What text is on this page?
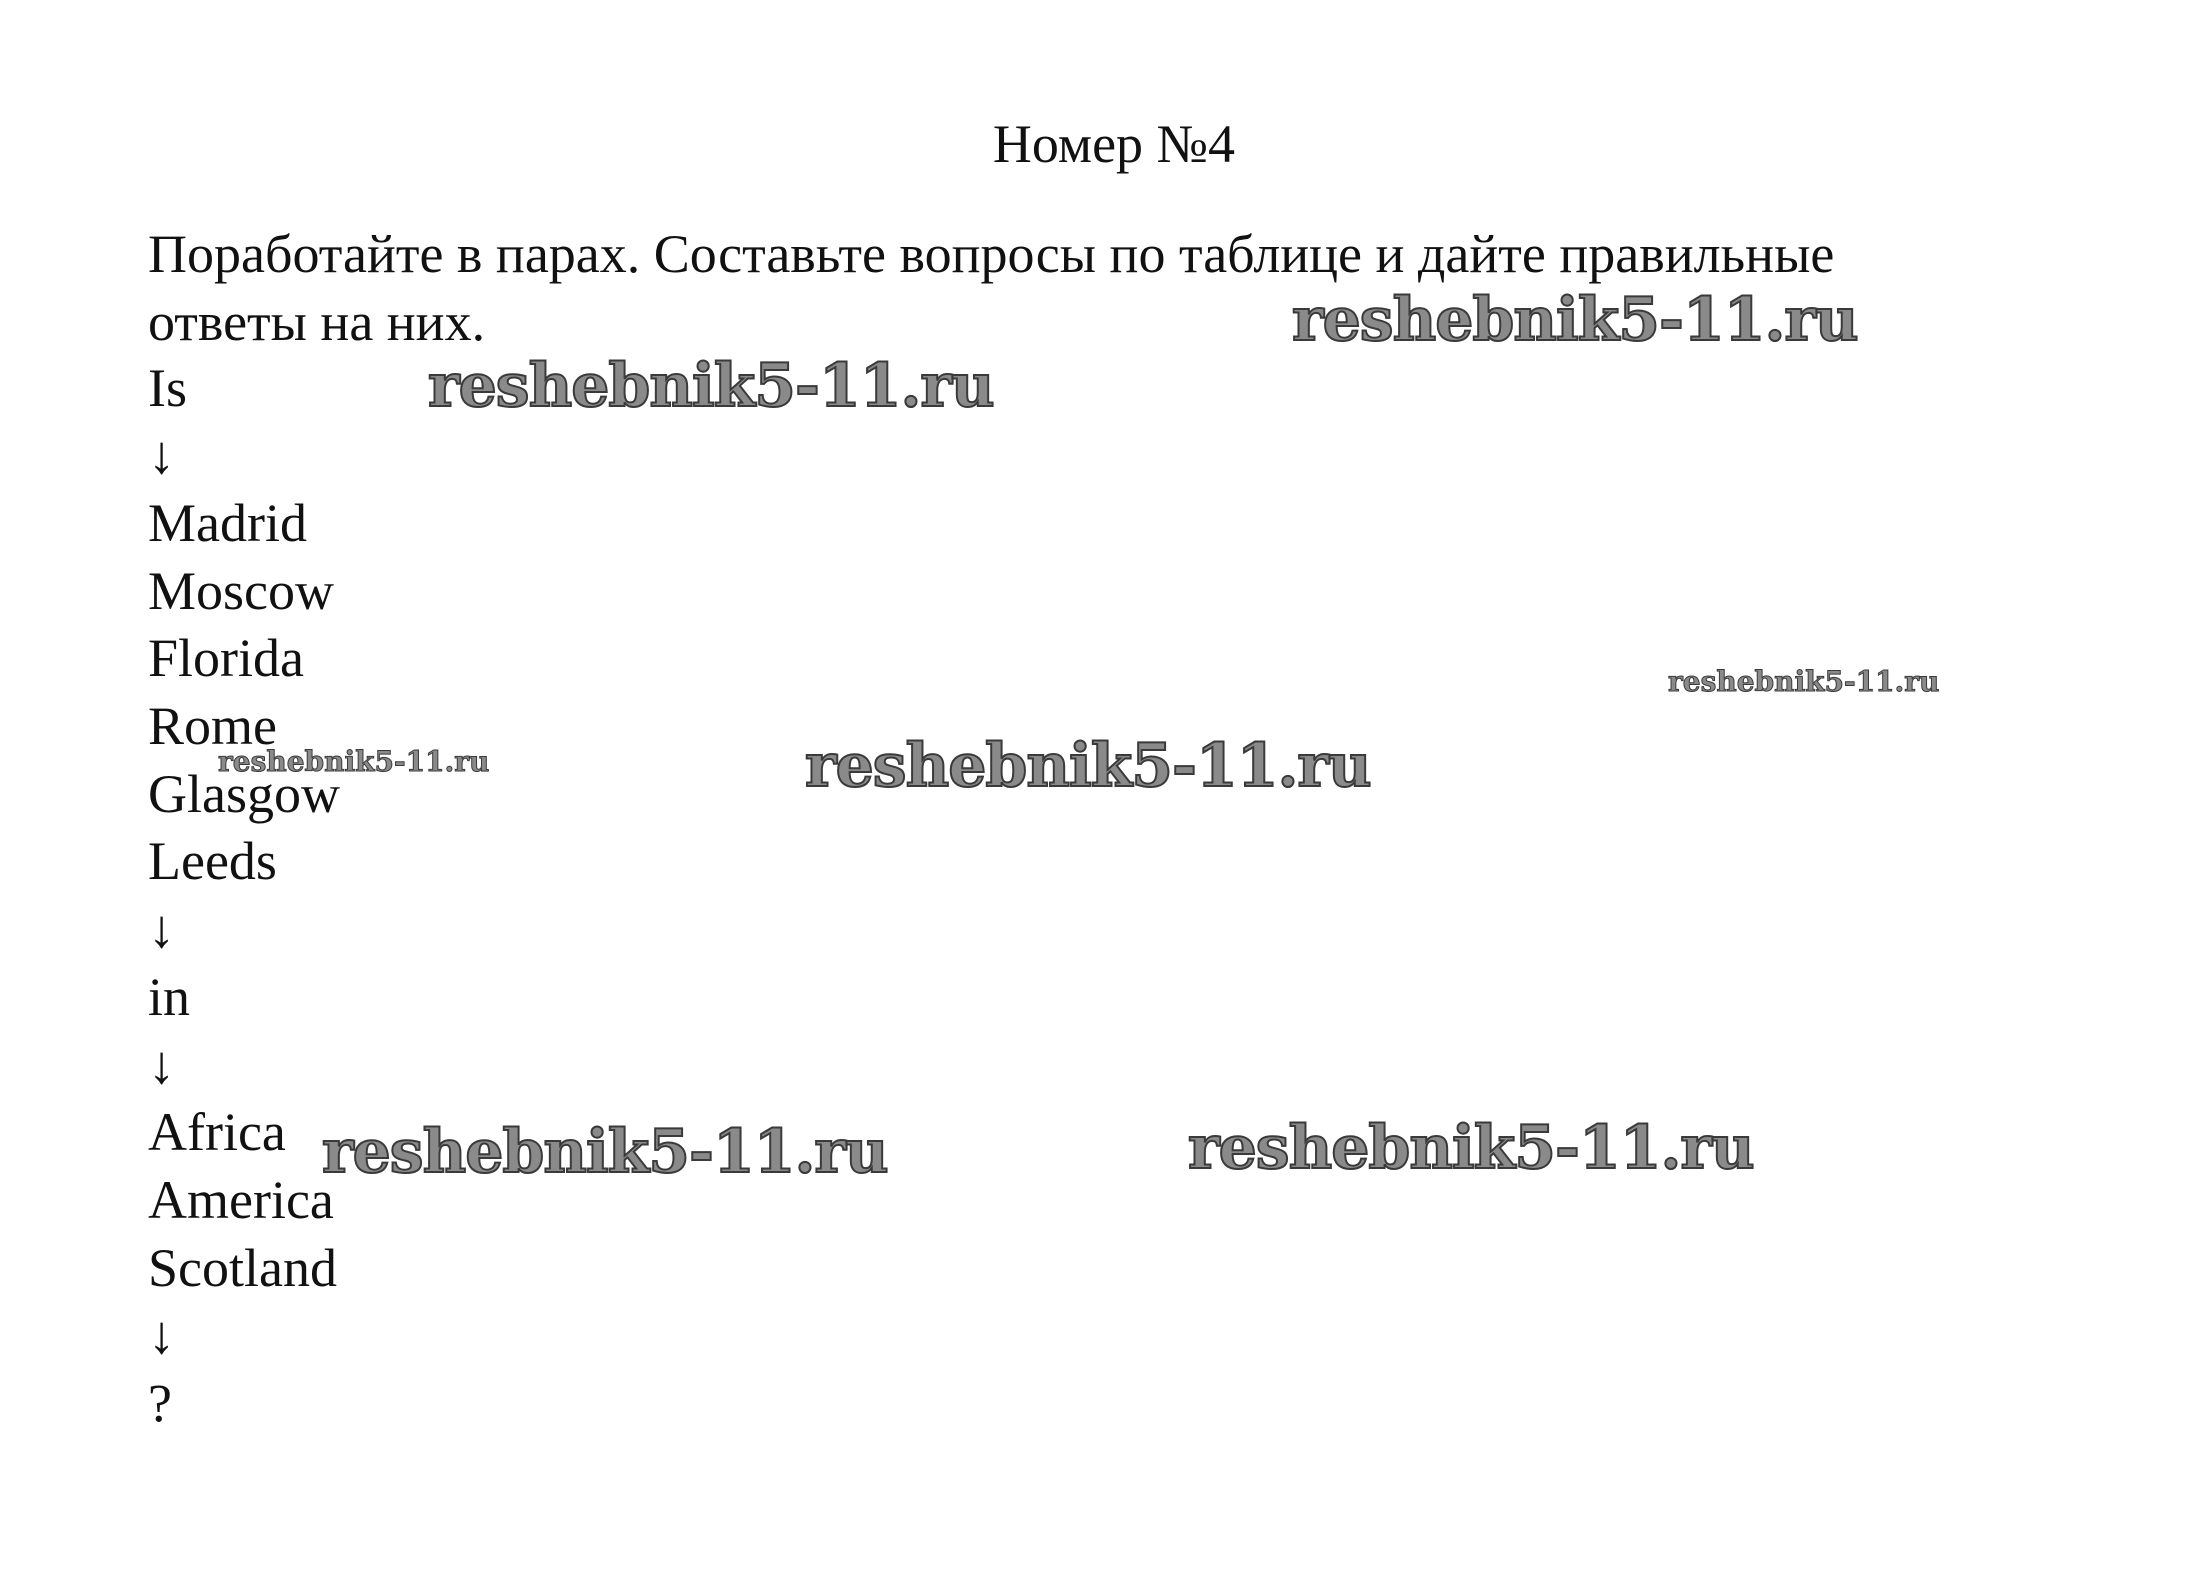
Номер №4
Поработайте в парах. Составьте вопросы по таблице и дайте правильные
ответы на них.
Is
↓
Madrid
Moscow
Florida
Rome
Glasgow
Leeds
↓
in
↓
Africa
America
Scotland
↓
?
reshebnik5-11.ru
reshebnik5-11.ru
reshebnik5-11.ru
reshebnik5-11.ru	reshebnik5-11.ru
reshebnik5-11.ru	reshebnik5-11.ru
